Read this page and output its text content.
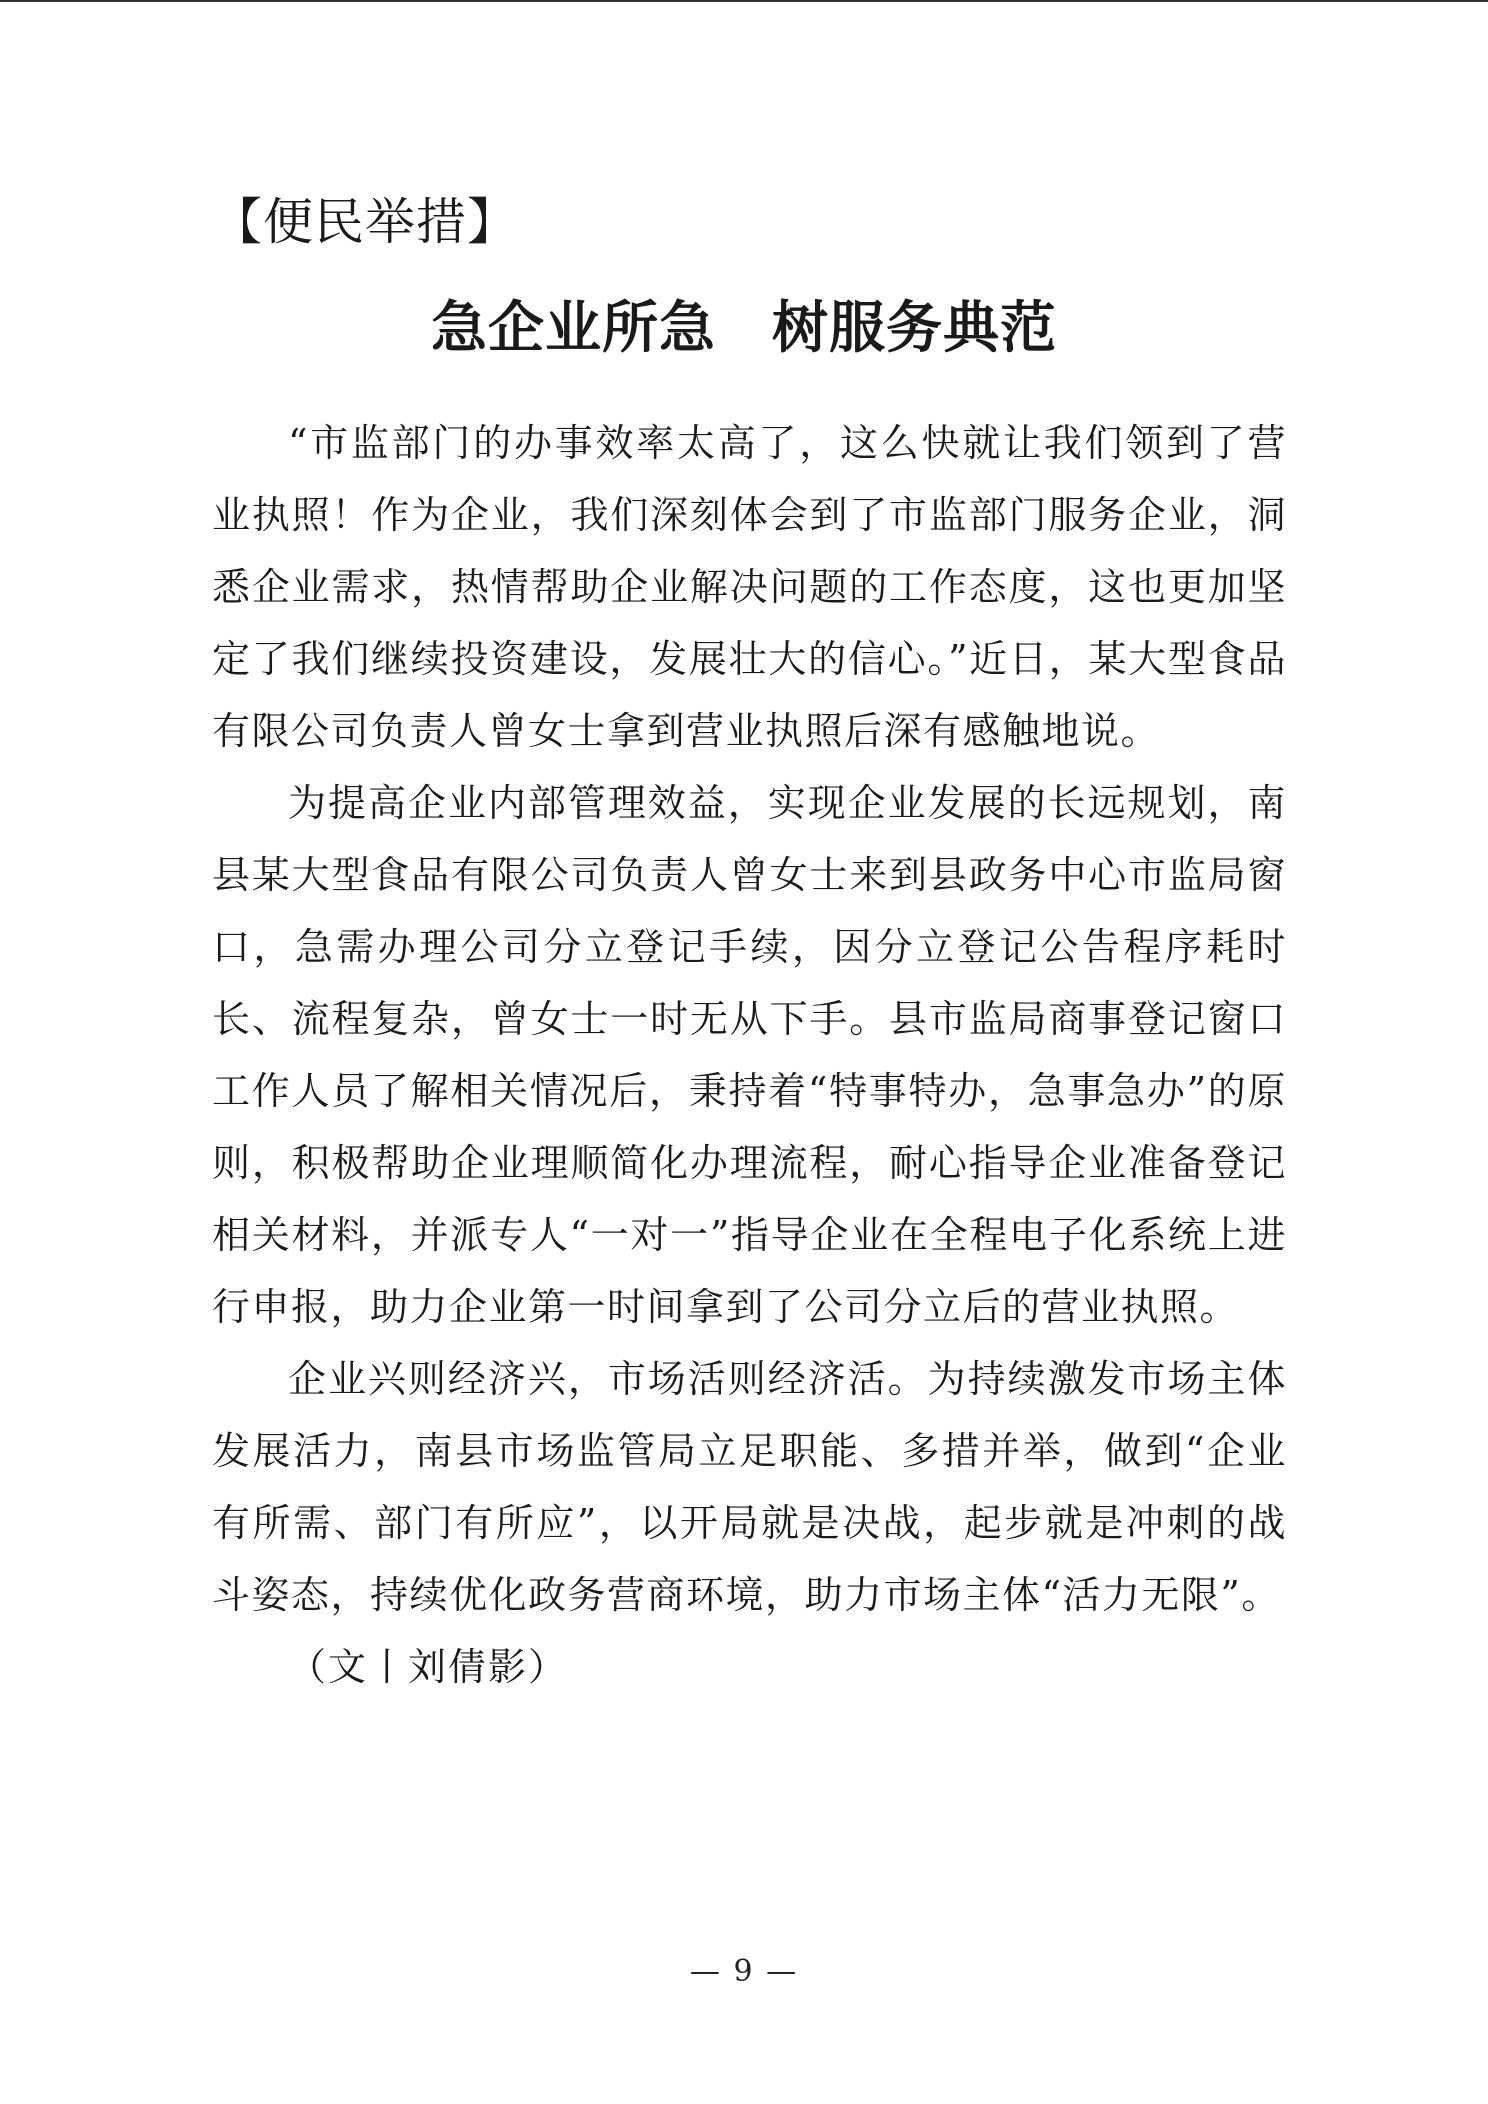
【便民举措】
急企业所急 树服务典范

“市监部门的办事效率太高了，这么快就让我们领到了营业执照！作为企业，我们深刻体会到了市监部门服务企业，洞悉企业需求，热情帮助企业解决问题的工作态度，这也更加坚定了我们继续投资建设，发展壮大的信心。”近日，某大型食品有限公司负责人曾女士拿到营业执照后深有感触地说。

为提高企业内部管理效益，实现企业发展的长远规划，南县某大型食品有限公司负责人曾女士来到县政务中心市监局窗口，急需办理公司分立登记手续，因分立登记公告程序耗时长、流程复杂，曾女士一时无从下手。县市监局商事登记窗口工作人员了解相关情况后，秉持着“特事特办，急事急办”的原则，积极帮助企业理顺简化办理流程，耐心指导企业准备登记相关材料，并派专人“一对一”指导企业在全程电子化系统上进行申报，助力企业第一时间拿到了公司分立后的营业执照。

企业兴则经济兴，市场活则经济活。为持续激发市场主体发展活力，南县市场监管局立足职能、多措并举，做到“企业有所需、部门有所应”，以开局就是决战，起步就是冲刺的战斗姿态，持续优化政务营商环境，助力市场主体“活力无限”。

（文丨刘倩影）

— 9 —
